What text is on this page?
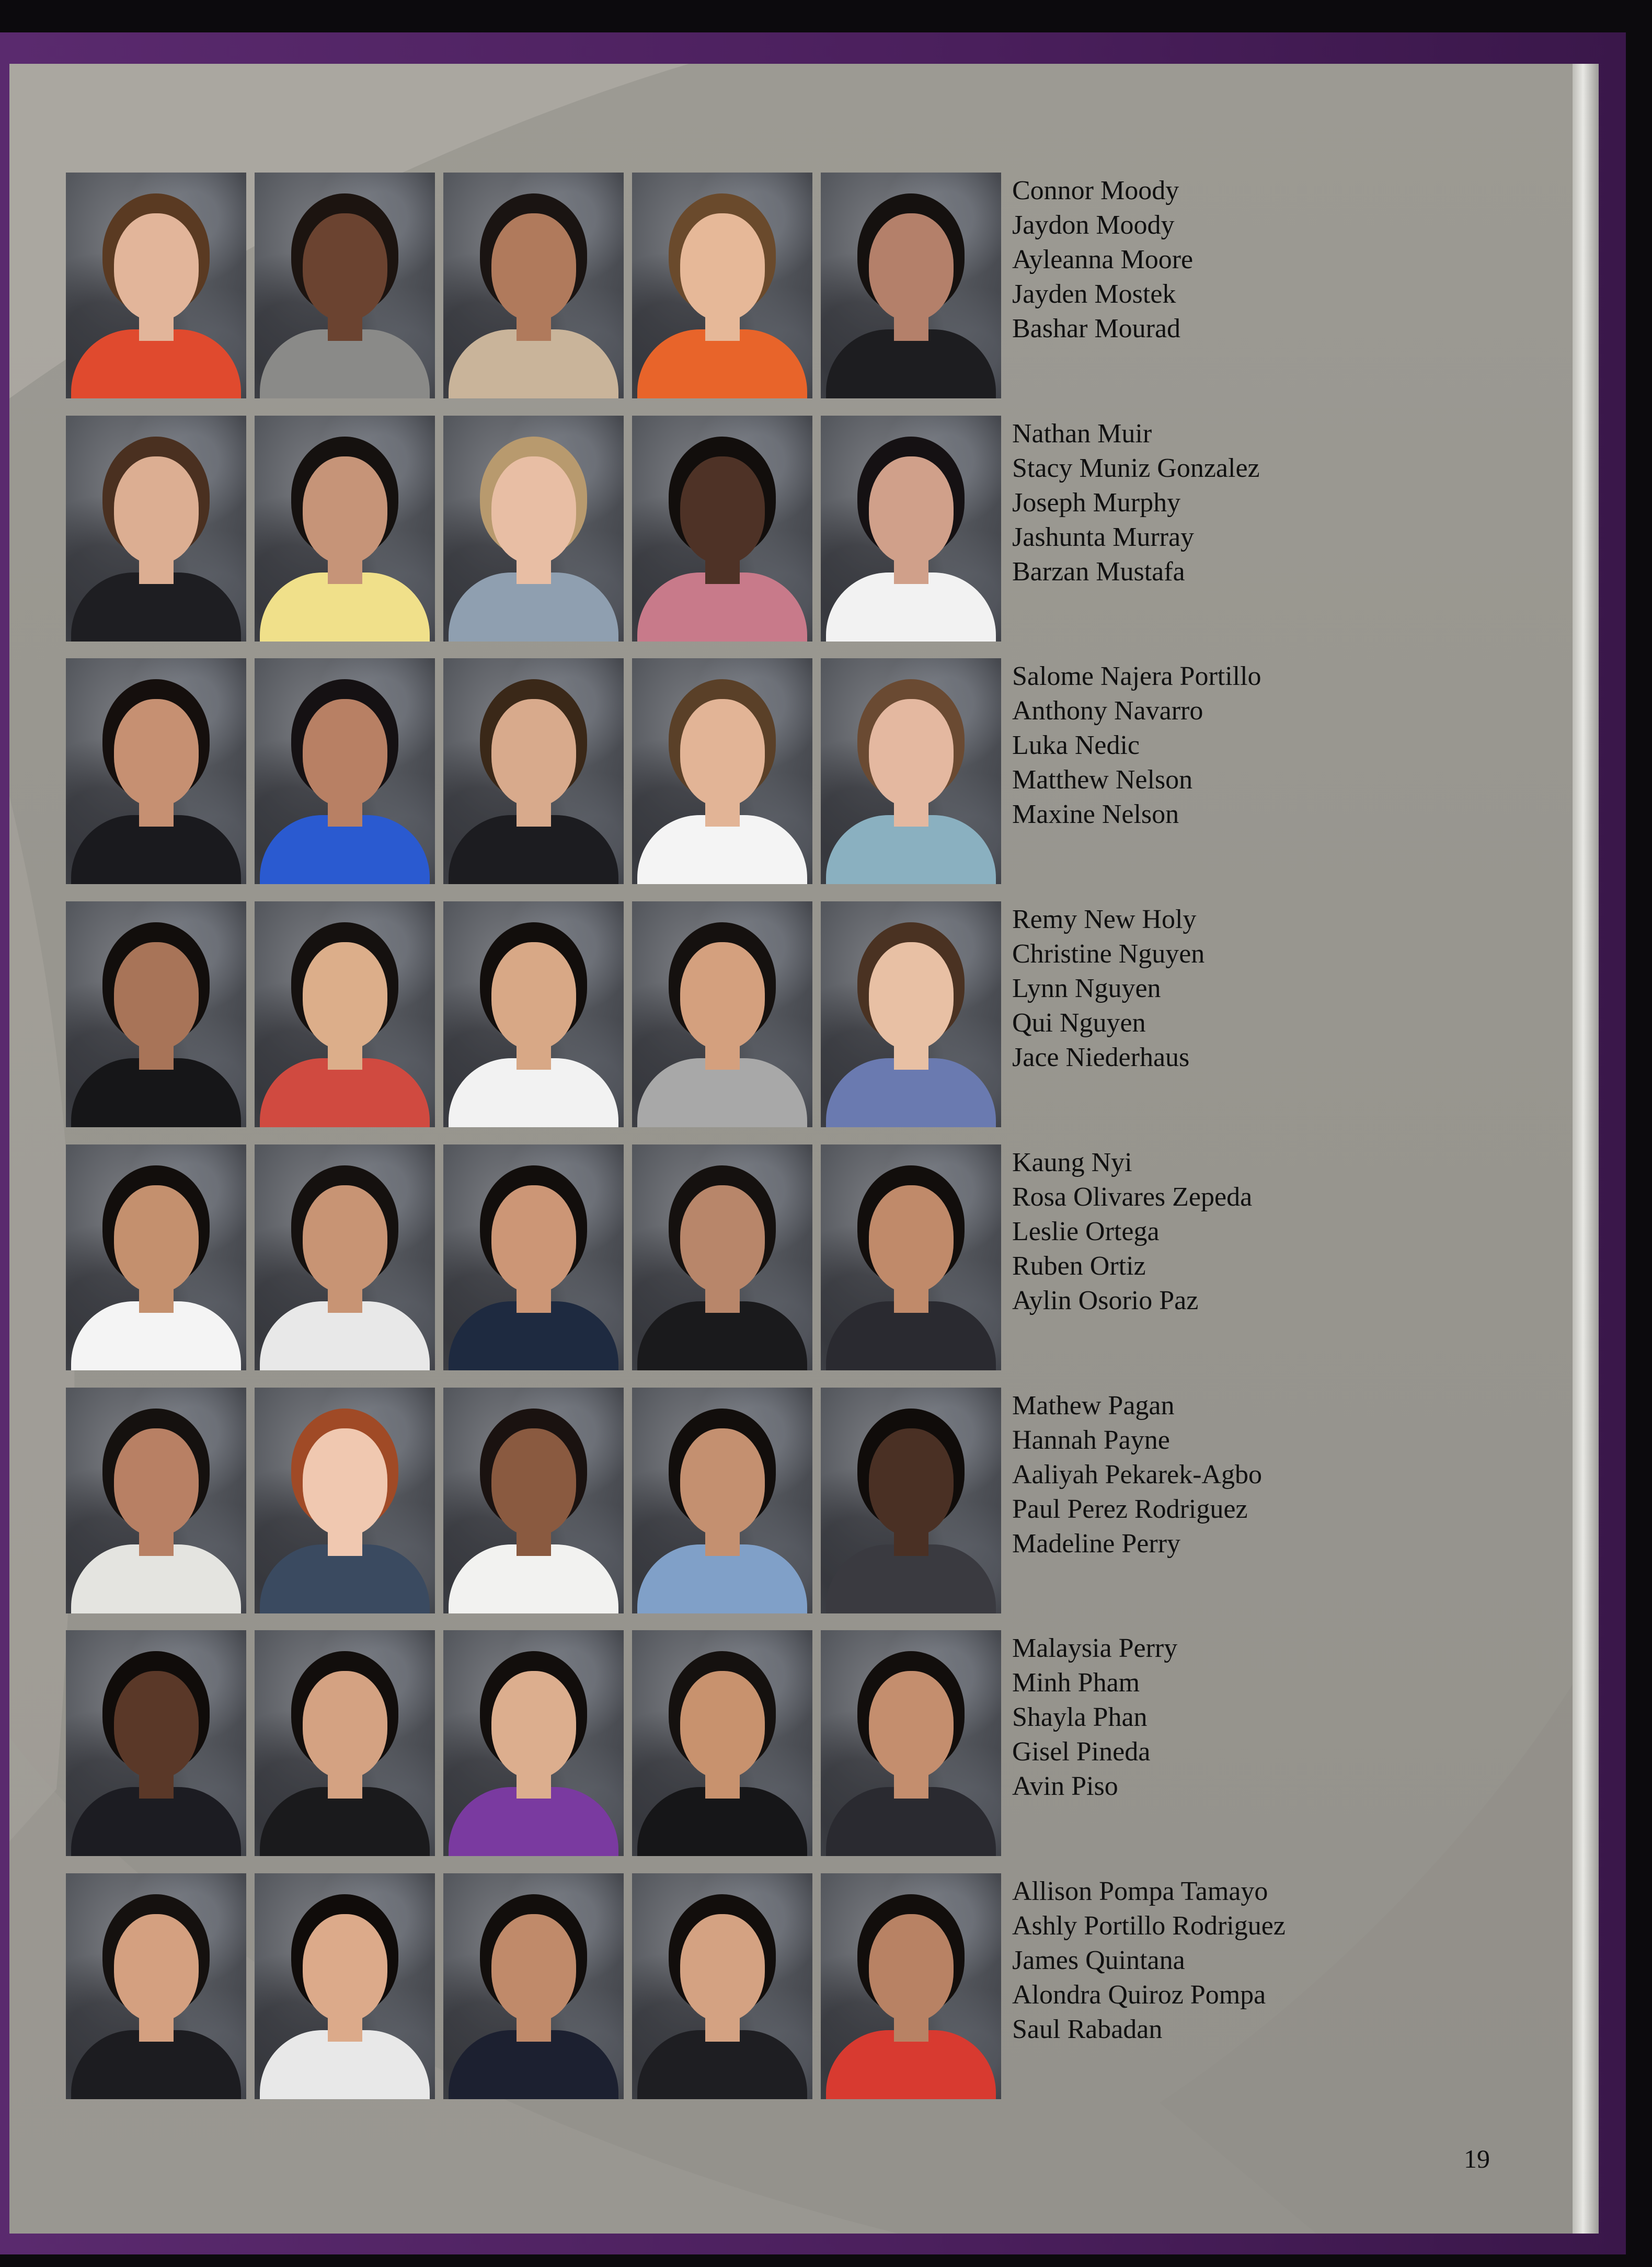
Connor Moody
Jaydon Moody
Ayleanna Moore
Jayden Mostek
Bashar Mourad
Nathan Muir
Stacy Muniz Gonzalez
Joseph Murphy
Jashunta Murray
Barzan Mustafa
Salome Najera Portillo
Anthony Navarro
Luka Nedic
Matthew Nelson
Maxine Nelson
Remy New Holy
Christine Nguyen
Lynn Nguyen
Qui Nguyen
Jace Niederhaus
Kaung Nyi
Rosa Olivares Zepeda
Leslie Ortega
Ruben Ortiz
Aylin Osorio Paz
Mathew Pagan
Hannah Payne
Aaliyah Pekarek-Agbo
Paul Perez Rodriguez
Madeline Perry
Malaysia Perry
Minh Pham
Shayla Phan
Gisel Pineda
Avin Piso
Allison Pompa Tamayo
Ashly Portillo Rodriguez
James Quintana
Alondra Quiroz Pompa
Saul Rabadan
19
